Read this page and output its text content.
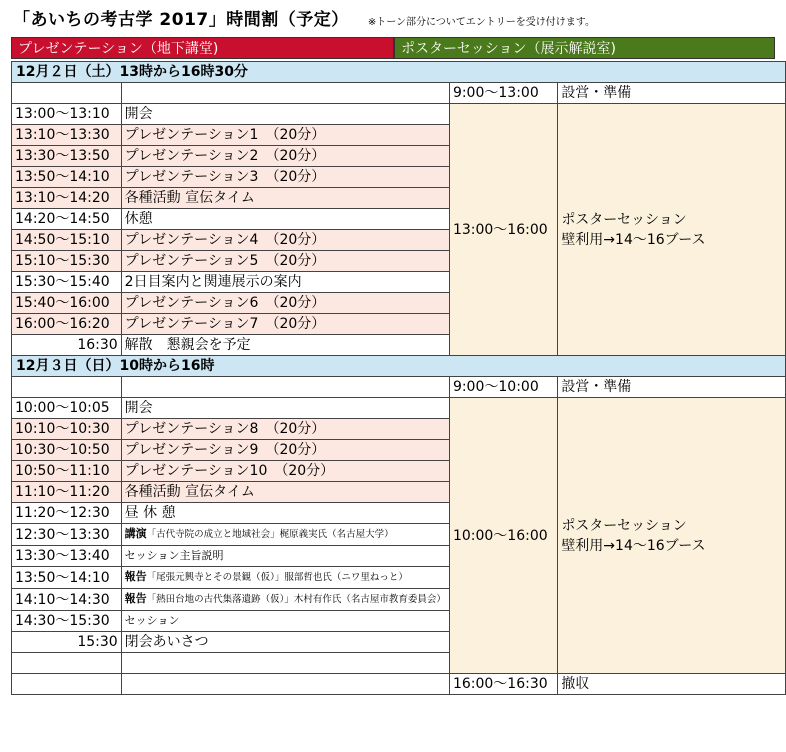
「あいちの考古学 2017」時間割（予定） ※トーン部分についてエントリーを受け付けます。
プレゼンテーション（地下講堂)	ポスターセッション（展示解説室)
12月２日（土）13時から16時30分			
		9:00〜13:00	設営・準備
13:00〜13:10	開会	13:00〜16:00	ポスターセッション
壁利用→14〜16ブース

13:10〜13:30	プレゼンテーション1　（20分）		
13:30〜13:50	プレゼンテーション2　（20分）		
13:50〜14:10	プレゼンテーション3　（20分）		
13:10〜14:20	各種活動 宣伝タイム		
14:20〜14:50	休憩		
14:50〜15:10	プレゼンテーション4　（20分）		
15:10〜15:30	プレゼンテーション5　（20分）		
15:30〜15:40	2日目案内と関連展示の案内		
15:40〜16:00	プレゼンテーション6　（20分）		
16:00〜16:20	プレゼンテーション7　（20分）		
16:30	解散　懇親会を予定		
12月３日（日）10時から16時			
		9:00〜10:00	設営・準備
10:00〜10:05	開会	10:00〜16:00	ポスターセッション
壁利用→14〜16ブース

10:10〜10:30	プレゼンテーション8　（20分）		
10:30〜10:50	プレゼンテーション9　（20分）		
10:50〜11:10	プレゼンテーション10　（20分）		
11:10〜11:20	各種活動 宣伝タイム		
11:20〜12:30	昼 休 憩		
12:30〜13:30	講演「古代寺院の成立と地域社会」梶原義実氏（名古屋大学）		
13:30〜13:40	セッション主旨説明		
13:50〜14:10	報告「尾張元興寺とその景観（仮）」服部哲也氏（ニワ里ねっと）		
14:10〜14:30	報告「熱田台地の古代集落遺跡（仮）」木村有作氏（名古屋市教育委員会）		
14:30〜15:30	セッション		
15:30	閉会あいさつ		

		16:00〜16:30	撤収
